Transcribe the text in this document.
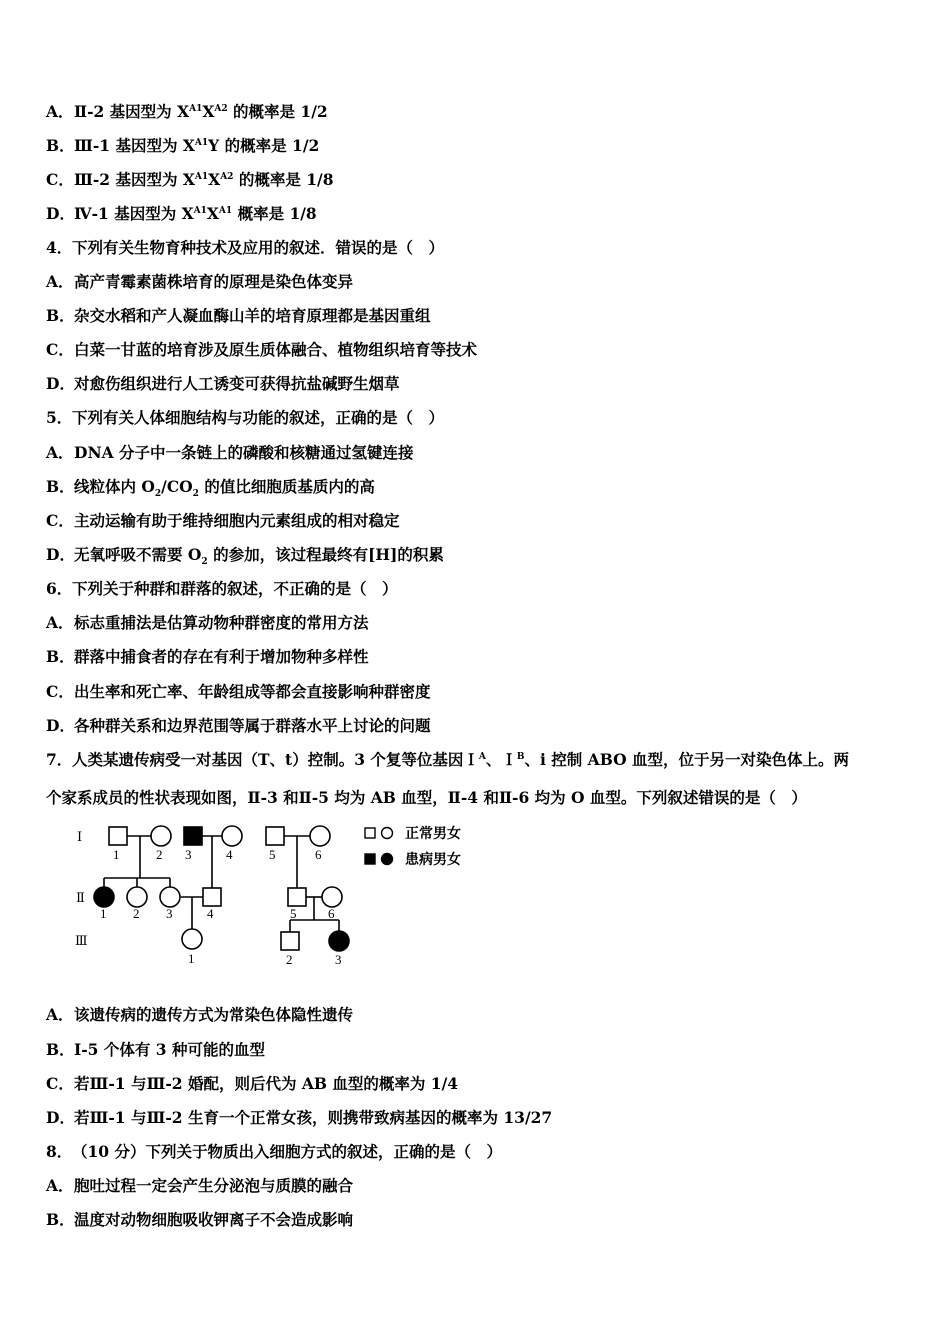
A．Ⅱ-2 基因型为 $X^{A1}X^{A2}$ 的概率是 1/2
B．Ⅲ-1 基因型为 $X^{A1}Y$ 的概率是 1/2
C．Ⅲ-2 基因型为 $X^{A1}X^{A2}$ 的概率是 1/8
D．Ⅳ-1 基因型为 $X^{A1}X^{A1}$ 概率是 1/8
4．下列有关生物育种技术及应用的叙述．错误的是（　）
A．高产青霉素菌株培育的原理是染色体变异
B．杂交水稻和产人凝血酶山羊的培育原理都是基因重组
C．白菜一甘蓝的培育涉及原生质体融合、植物组织培育等技术
D．对愈伤组织进行人工诱变可获得抗盐碱野生烟草
5．下列有关人体细胞结构与功能的叙述，正确的是（　）
A．DNA 分子中一条链上的磷酸和核糖通过氢键连接
B．线粒体内 $O_2/CO_2$ 的值比细胞质基质内的高
C．主动运输有助于维持细胞内元素组成的相对稳定
D．无氧呼吸不需要 $O_2$ 的参加，该过程最终有[H]的积累
6．下列关于种群和群落的叙述，不正确的是（　）
A．标志重捕法是估算动物种群密度的常用方法
B．群落中捕食者的存在有利于增加物种多样性
C．出生率和死亡率、年龄组成等都会直接影响种群密度
D．各种群关系和边界范围等属于群落水平上讨论的问题
7．人类某遗传病受一对基因（T、t）控制。3 个复等位基因Ｉ$^A$、Ｉ$^B$、i 控制 ABO 血型，位于另一对染色体上。两
个家系成员的性状表现如图，Ⅱ-3 和Ⅱ-5 均为 AB 血型，Ⅱ-4 和Ⅱ-6 均为 O 血型。下列叙述错误的是（　）
Ⅰ
Ⅱ
Ⅲ
1	2 3	4	5	6
1 2 3	4	5 6
1	2	3
正常男女
患病男女
A．该遗传病的遗传方式为常染色体隐性遗传
B．Ⅰ-5 个体有 3 种可能的血型
C．若Ⅲ-1 与Ⅲ-2 婚配，则后代为 AB 血型的概率为 1/4
D．若Ⅲ-1 与Ⅲ-2 生育一个正常女孩，则携带致病基因的概率为 13/27
8．（10 分）下列关于物质出入细胞方式的叙述，正确的是（　）
A．胞吐过程一定会产生分泌泡与质膜的融合
B．温度对动物细胞吸收钾离子不会造成影响
